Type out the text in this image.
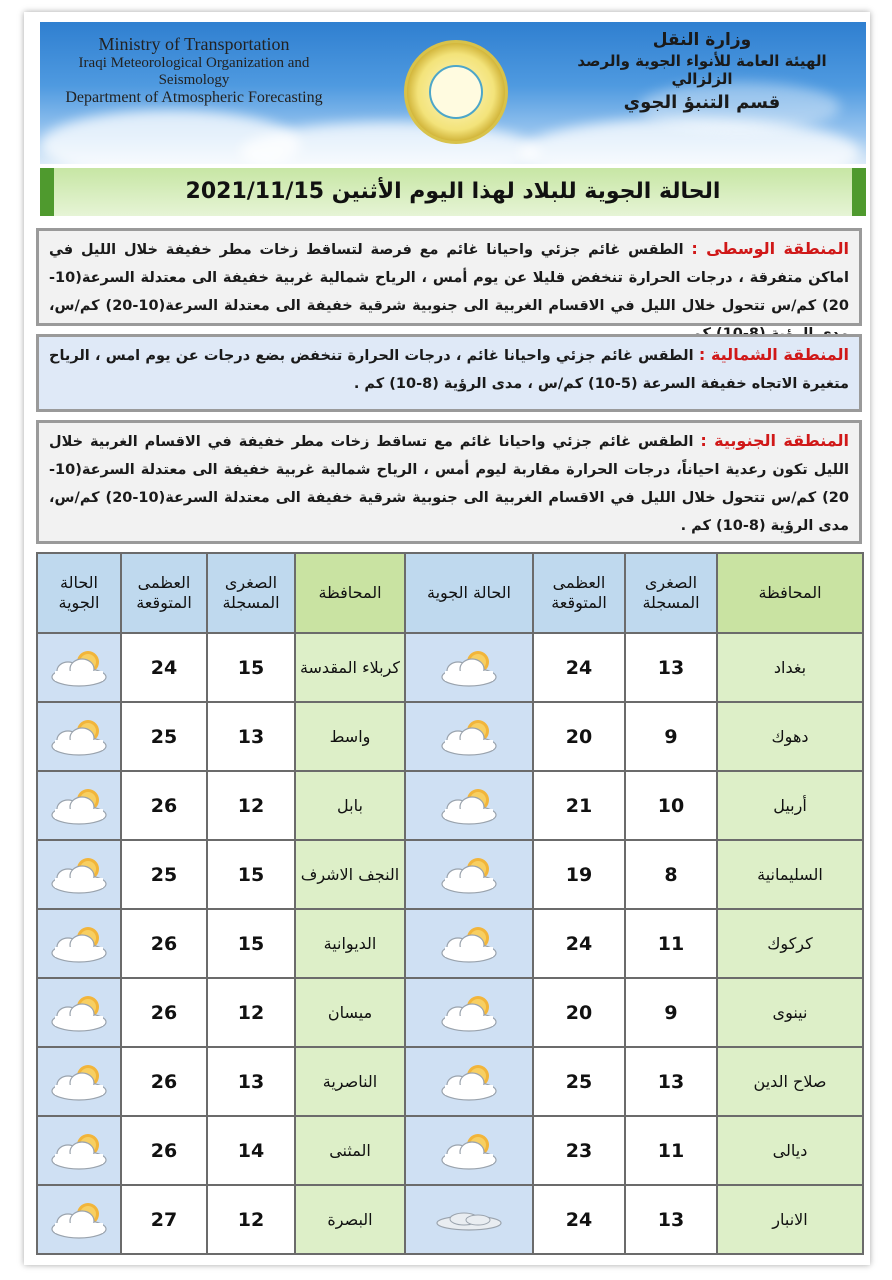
Ministry of Transportation
Iraqi Meteorological Organization and Seismology
Department of Atmospheric Forecasting
وزارة النقل
الهيئة العامة للأنواء الجوية والرصد الزلزالي
قسم التنبؤ الجوي
الحالة الجوية للبلاد لهذا اليوم الأثنين 2021/11/15
المنطقة الوسطى : الطقس غائم جزئي واحيانا غائم مع فرصة لتساقط زخات مطر خفيفة خلال الليل في اماكن متفرقة ، درجات الحرارة تنخفض قليلا عن يوم أمس ، الرياح شمالية غربية خفيفة الى معتدلة السرعة(10-20) كم/س تتحول خلال الليل في الاقسام الغربية الى جنوبية شرقية خفيفة الى معتدلة السرعة(10-20) كم/س،
المنطقة الشمالية : الطقس غائم جزئي واحيانا غائم ، درجات الحرارة تنخفض بضع درجات عن يوم امس ، الرياح متغيرة الاتجاه خفيفة السرعة (5-10) كم/س ، مدى الرؤية (8-10) كم .
المنطقة الجنوبية : الطقس غائم جزئي واحيانا غائم مع تساقط زخات مطر خفيفة في الاقسام الغربية خلال الليل تكون رعدية احياناً، درجات الحرارة مقاربة ليوم أمس ، الرياح شمالية غربية خفيفة الى معتدلة السرعة(10-20) كم/س تتحول خلال الليل في الاقسام الغربية الى جنوبية شرقية خفيفة الى معتدلة السرعة(10-20) كم/س، مدى الرؤية (8-10) كم .
المحافظة	الصغرى المسجلة	العظمى المتوقعة	الحالة الجوية	المحافظة	الصغرى المسجلة	العظمى المتوقعة	الحالة الجوية
بغداد	13	24		كربلاء المقدسة	15	24	
دهوك	9	20		واسط	13	25	
أربيل	10	21		بابل	12	26	
السليمانية	8	19		النجف الاشرف	15	25	
كركوك	11	24		الديوانية	15	26	
نينوى	9	20		ميسان	12	26	
صلاح الدين	13	25		الناصرية	13	26	
ديالى	11	23		المثنى	14	26	
الانبار	13	24		البصرة	12	27	
